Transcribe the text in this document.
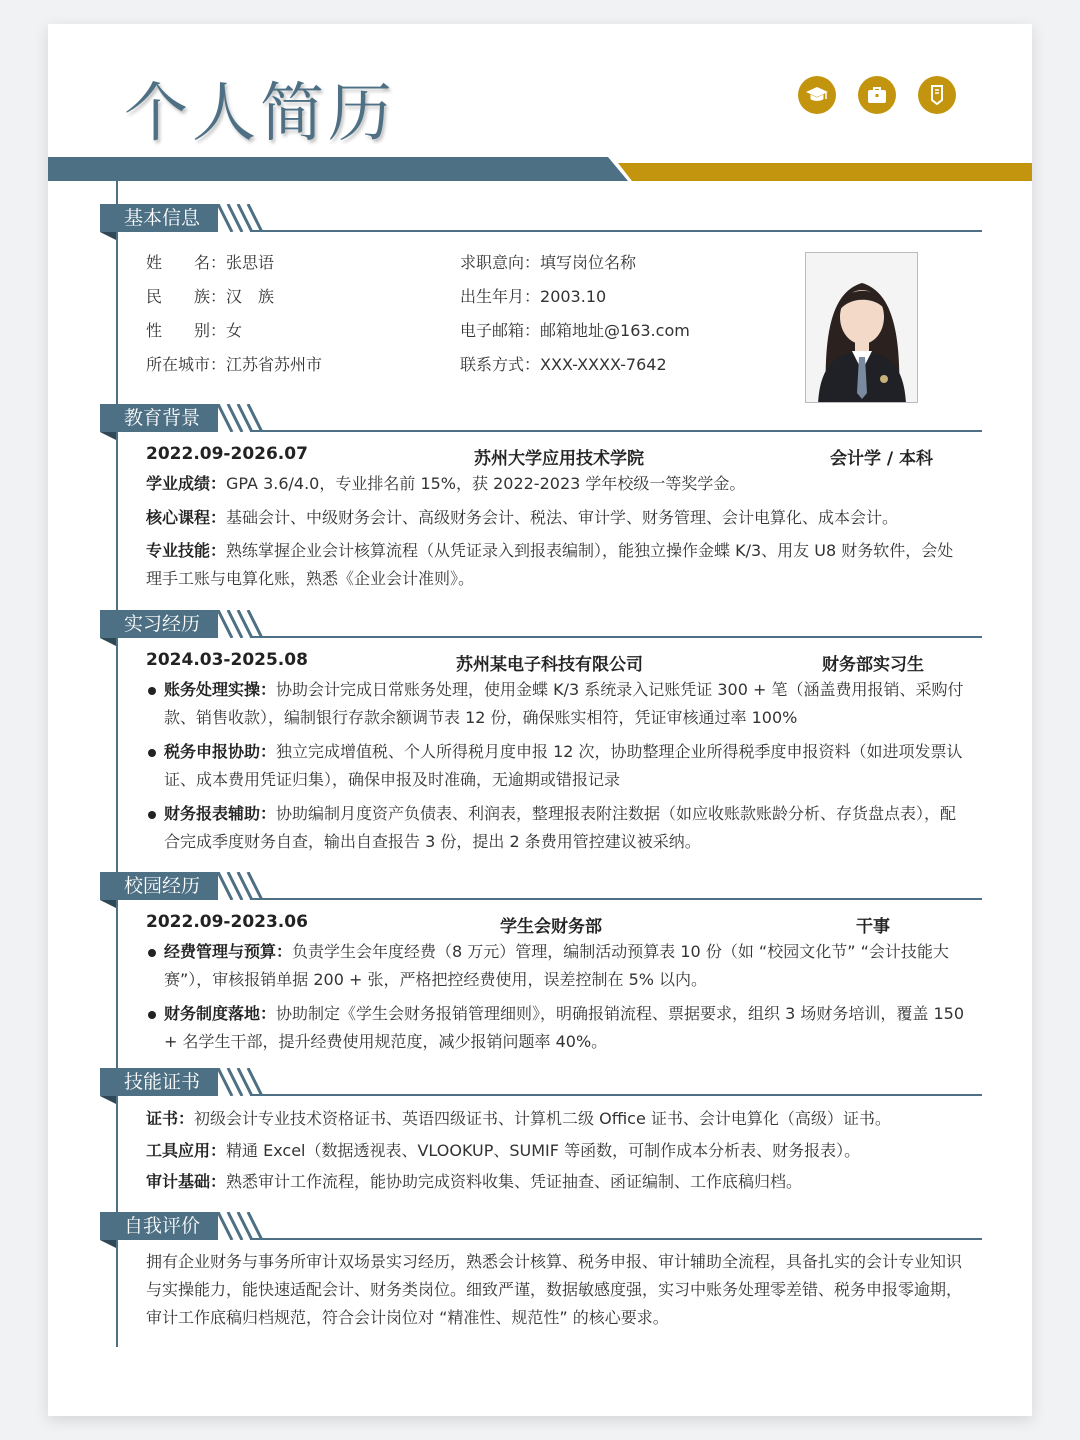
个人简历
基本信息
姓　　名：张思语
民　　族：汉　族
性　　别：女
所在城市：江苏省苏州市
求职意向：填写岗位名称
出生年月：2003.10
电子邮箱：邮箱地址@163.com
联系方式：XXX-XXXX-7642
教育背景
2022.09-2026.07	苏州大学应用技术学院	会计学 / 本科
学业成绩：GPA 3.6/4.0，专业排名前 15%，获 2022-2023 学年校级一等奖学金。
核心课程：基础会计、中级财务会计、高级财务会计、税法、审计学、财务管理、会计电算化、成本会计。
专业技能：熟练掌握企业会计核算流程（从凭证录入到报表编制），能独立操作金蝶 K/3、用友 U8 财务软件，会处理手工账与电算化账，熟悉《企业会计准则》。
实习经历
2024.03-2025.08	苏州某电子科技有限公司	财务部实习生
账务处理实操：协助会计完成日常账务处理，使用金蝶 K/3 系统录入记账凭证 300 + 笔（涵盖费用报销、采购付款、销售收款），编制银行存款余额调节表 12 份，确保账实相符，凭证审核通过率 100%
税务申报协助：独立完成增值税、个人所得税月度申报 12 次，协助整理企业所得税季度申报资料（如进项发票认证、成本费用凭证归集），确保申报及时准确，无逾期或错报记录
财务报表辅助：协助编制月度资产负债表、利润表，整理报表附注数据（如应收账款账龄分析、存货盘点表），配合完成季度财务自查，输出自查报告 3 份，提出 2 条费用管控建议被采纳。
校园经历
2022.09-2023.06	学生会财务部	干事
经费管理与预算：负责学生会年度经费（8 万元）管理，编制活动预算表 10 份（如 “校园文化节” “会计技能大赛”），审核报销单据 200 + 张，严格把控经费使用，误差控制在 5% 以内。
财务制度落地：协助制定《学生会财务报销管理细则》，明确报销流程、票据要求，组织 3 场财务培训，覆盖 150 + 名学生干部，提升经费使用规范度，减少报销问题率 40%。
技能证书
证书：初级会计专业技术资格证书、英语四级证书、计算机二级 Office 证书、会计电算化（高级）证书。
工具应用：精通 Excel（数据透视表、VLOOKUP、SUMIF 等函数，可制作成本分析表、财务报表）。
审计基础：熟悉审计工作流程，能协助完成资料收集、凭证抽查、函证编制、工作底稿归档。
自我评价
拥有企业财务与事务所审计双场景实习经历，熟悉会计核算、税务申报、审计辅助全流程，具备扎实的会计专业知识与实操能力，能快速适配会计、财务类岗位。细致严谨，数据敏感度强，实习中账务处理零差错、税务申报零逾期，审计工作底稿归档规范，符合会计岗位对 “精准性、规范性” 的核心要求。
